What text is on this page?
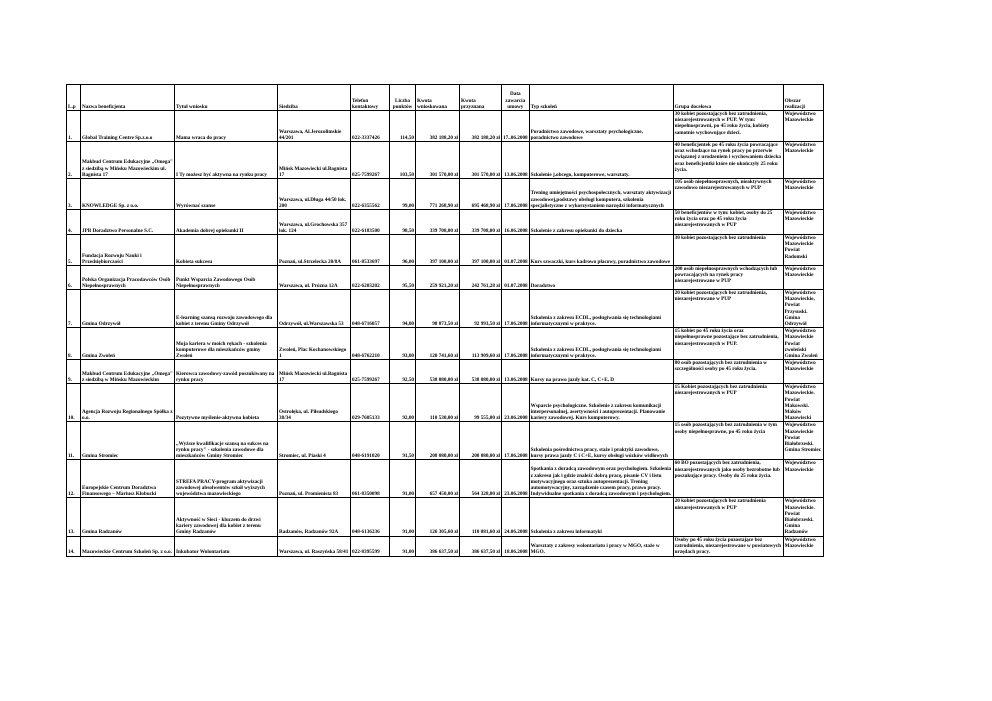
L.p	Nazwa beneficjenta	Tytuł wniosku	Siedziba	Telefon kontaktowy	Liczba punktów	Kwota wnioskowana	Kwota przyznana	Data zawarcia umowy	Typ szkoleń	Grupa docelowa	Obszar realizacji
1.	Global Training Centre Sp.z.o.o	Mama wraca do pracy	Warszawa, Al.Jerozolimskie 44/201	022-3337426	114,50	382 188,20 zł	382 188,20 zł	17..06.2008	Poradnictwo zawodowe, warsztaty psychologiczne, poradnictwo zawodowe	30 kobiet pozostających bez zatrudnienia, niezarejestrowanych w PUP. W tym: niepełnosprawni, po 45 roku życia, kobiety samotnie wychowujące dzieci.	Województwo Mazowieckie
2.	Makbud Centrum Edukacyjne „Omega" z siedzibą w Mińsku Mazowieckim ul. Bagnista 17	I Ty możesz być aktywna na rynku pracy	Mińsk Mazowiecki ul.Bagnista 17	025-7599267	103,50	301 570,00 zł	301 570,00 zł	13.06.2008	Szkolenie j.obcego, komputerowe, warsztaty.	40 beneficjentek po 45 roku życia powracające oraz wchodzące na rynek pracy po przerwie związanej z urodzeniem i wychowaniem dziecka oraz beneficjentki które nie ukończyły 25 roku życia.	Województwo Mazowieckie
3.	KNOWLEDGE Sp. z o.o.	Wyrównać szanse	Warszawa, ul.Długa 44/50 lok. 200	022-6355562	99,00	771 268,90 zł	695 468,90 zł	17.06.2008	Trening umiejętności psychospołecznych, warsztaty aktywizacji zawodowej,podstawy obsługi komputera, szkolenia specjalistyczne z wykorzystaniem narzędzi informatycznych	105 osób niepełnosprawnych, nieaktywnych zawodowo niezarejestrowanych w PUP	Województwo Mazowieckie
4.	JPB Doradztwo Personalne S.C.	Akademia dobrej opiekunki II	Warszawa, ul.Grochowska 357 lok. 124	022-6183500	98,50	339 708,00 zł	339 708,00 zł	16.06.2008	Szkolenie z zakresu opiekunki do dziecka	50 beneficjentów w tym: kobiet, osoby do 25 roku życia oraz po 45 roku życia niezarejestrowanych w PUP	Województwo Mazowieckie
5.	Fundacja Rozwoju Nauki i Przedsiębiorczości	Kobieta sukcesu	Poznań, ul.Strzelecka 20/8A	061-8533697	96,00	397 100,00 zł	397 100,00 zł	01.07.2008	Kurs szwaczki, kurs kadrowo płacowy, poradnictwo zawodowe	30 kobiet pozostających bez zatrudnienia	Województwo Mazowieckie Powiat Radomski
6.	Polska Organizacja Pracodawców Osób Niepełnosprawnych	Punkt Wsparcia Zawodowego Osób Niepełnosprawnych	Warszawa, ul. Prózna 12A	022-6203202	95,50	259 921,20 zł	242 761,28 zł	01.07.2008	Doradztwo	200 osób niepełnosprawnych wchodzących lub powracających na rynek pracy niezarejestrowane w PUP	Województwo Mazowieckie
7.	Gmina Odrzywół	E-learning szansą rozwoju zawodowego dla kobiet z terenu Gminy Odrzywół	Odrzywół, ul.Warszawska 53	048-6716057	94,00	98 873,50 zł	92 993,50 zł	17.06.2008	Szkolenia z zakresu ECDL, posługiwania się technologiami informatycznymi w praktyce.	20 kobiet pozostających bez zatrudnienia, niezarejestrowane w PUP	Województwo Mazowieckie, Powiat Przysuski. Gmina Odrzywół
8.	Gmina Zwoleń	Moja kariera w moich rękach - szkolenia komputerowe dla mieszkańców gminy Zwoleń	Zwoleń, Plac Kochanowskiego 1	048-6762210	93,00	120 741,60 zł	113 909,60 zł	17.06.2008	Szkolenia z zakresu ECDL, posługiwania się technologiami informatycznymi w praktyce.	15 kobiet po 45 roku życia oraz niepełnosprawne pozostające bez zatrudnienia, niezarejestrowanych w PUP.	Województwo Mazowieckie Powiat zwoleński Gmina Zwoleń
9.	Makbud Centrum Edukacyjne „Omega" z siedzibą w Mińsku Mazowieckim	Kierowca zawodowy-zawód poszukiwany na rynku pracy	Mińsk Mazowiecki ul.Bagnista 17	025-7599267	92,50	538 080,00 zł	538 080,00 zł	13.06.2008	Kursy na prawo jazdy kat. C, C+E, D	80 osób pozostających bez zatrudnienia w szczególności osoby po 45 roku życia.	Województwo Mazowieckie
10.	Agencja Rozwoju Regionalnego Spółka z o.o.	Pozytywne myślenie-aktywna kobieta	Ostrołęka, ul. Piłsudskiego 38/34	029-7605133	92,00	110 530,00 zł	99 555,00 zł	23.06.2008	Wsparcie psychologiczne. Szkolenie z zakresu komunikacji interpersonalnej, asertywności i autoprezentacji. Planowanie kariery zawodowej. Kurs komputerowy.	15 Kobiet pozostających bez zatrudnienia niezarejestrowanych w PUP	Województwo Mazowieckie. Powiat Makowski. Maków Mazowiecki
11.	Gmina Stromiec	„Wyższe kwalifikacje szansą na sukces na rynku pracy" - szkolenia zawodowe dla mieszkańców Gminy Stromiec	Stromiec, ul. Piaski 4	048-6191020	91,50	208 080,00 zł	208 080,00 zł	17.06.2008	Szkolenia pośrednictwa pracy, staże i praktyki zawodowe, kursy prawa jazdy C i C+E, kursy obsługi wózków widłowych	15 osób pozostających bez zatrudnienia w tym osoby niepełnosprawne, po 45 roku życia	Województwo Mazowieckie Powiat Białobrzeski. Gmina Stromiec
12.	Europejskie Centrum Doradztwa Finansowego – Mariusz Kłobucki	STREFA PRACY-program aktywizacji zawodowej absolwentów szkół wyższych województwa mazowieckiego	Poznań, ul. Promienista 83	061-8350098	91,00	657 450,00 zł	564 328,00 zł	23.06.2008	Spotkania z doradcą zawodowym oraz psychologiem. Szkolenia z zakresu jak i gdzie znaleźć dobrą pracę, pisanie CV i listu motywacyjnego oraz sztuka autoprezentacji. Trening automotywacyjny, zarządzenie czasem pracy, prawo pracy. Indywidualne spotkania z doradcą zawodowym i psychologiem.	60 BO pozostających bez zatrudnienia, niezarejestrowanych jako osoby bezrobotne lub poszukujące pracy. Osoby do 25 roku życia.	Województwo Mazowieckie
13.	Gmina Radzanów	Aktywność w Sieci - kluczem do drzwi kariery zawodowej dla kobiet z terenu Gminy Radzanów	Radzanów, Radzanów 92A	048-6136236	91,00	126 305,60 zł	110 081,60 zł	24.06.2008	Szkolenia z zakresu informatyki	20 kobiet pozostających bez zatrudnienia niezarejestrowanych w PUP	Województwo Mazowieckie. Powiat Białobrzeski. Gmina Radzanów
14.	Mazowieckie Centrum Szkoleń Sp. z o.o.	Inkubator Wolontariatu	Warszawa, ul. Raszyńska 58/41	022-8395599	91,00	386 637,50 zł	386 637,50 zł	18.06.2008	Warsztaty z zakresy wolontariatu i pracy w MGO, staże w MGO.	Osoby po 45 roku życia pozostające bez zatrudnienia, niezarejestrowane w powiatowych urzędach pracy.	Województwo Mazowieckie
